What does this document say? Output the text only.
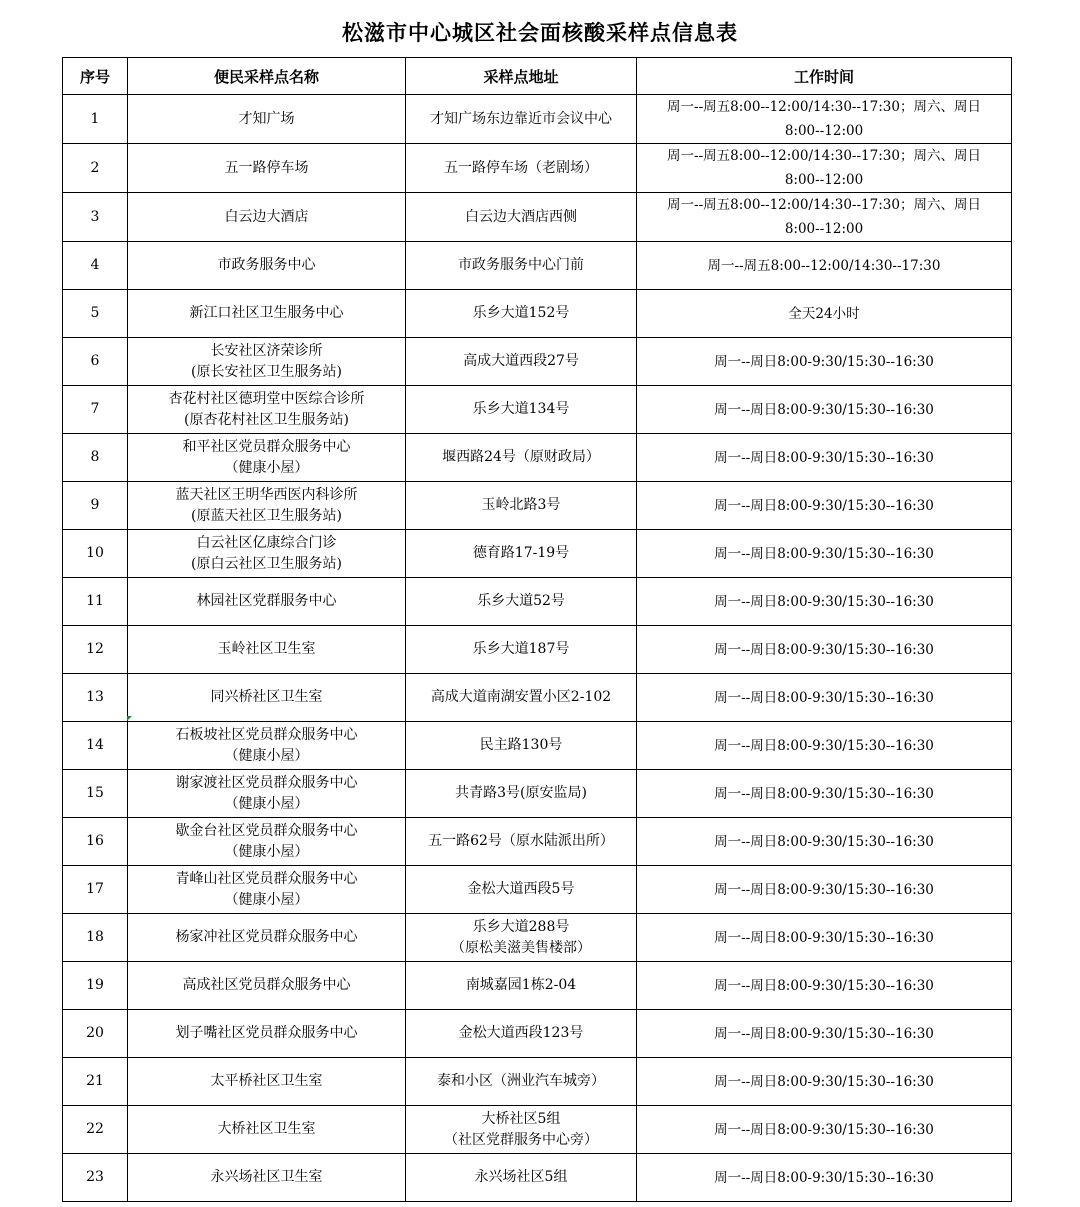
松滋市中心城区社会面核酸采样点信息表
序号	便民采样点名称	采样点地址	工作时间
1	才知广场	才知广场东边靠近市会议中心	周一--周五8:00--12:00/14:30--17:30；周六、周日
8:00--12:00

2	五一路停车场	五一路停车场（老剧场）	周一--周五8:00--12:00/14:30--17:30；周六、周日
8:00--12:00

3	白云边大酒店	白云边大酒店西侧	周一--周五8:00--12:00/14:30--17:30；周六、周日
8:00--12:00

4	市政务服务中心	市政务服务中心门前	周一--周五8:00--12:00/14:30--17:30

5	新江口社区卫生服务中心	乐乡大道152号	全天24小时

6	长安社区济荣诊所
(原长安社区卫生服务站)	高成大道西段27号	周一--周日8:00-9:30/15:30--16:30

7	杏花村社区德玥堂中医综合诊所
(原杏花村社区卫生服务站)	乐乡大道134号	周一--周日8:00-9:30/15:30--16:30

8	和平社区党员群众服务中心
（健康小屋）	堰西路24号（原财政局）	周一--周日8:00-9:30/15:30--16:30

9	蓝天社区王明华西医内科诊所
(原蓝天社区卫生服务站)	玉岭北路3号	周一--周日8:00-9:30/15:30--16:30

10	白云社区亿康综合门诊
(原白云社区卫生服务站)	德育路17-19号	周一--周日8:00-9:30/15:30--16:30

11	林园社区党群服务中心	乐乡大道52号	周一--周日8:00-9:30/15:30--16:30

12	玉岭社区卫生室	乐乡大道187号	周一--周日8:00-9:30/15:30--16:30

13	同兴桥社区卫生室	高成大道南湖安置小区2-102	周一--周日8:00-9:30/15:30--16:30

14	石板坡社区党员群众服务中心
（健康小屋）	民主路130号	周一--周日8:00-9:30/15:30--16:30

15	谢家渡社区党员群众服务中心
（健康小屋）	共青路3号(原安监局)	周一--周日8:00-9:30/15:30--16:30

16	歇金台社区党员群众服务中心
（健康小屋）	五一路62号（原水陆派出所）	周一--周日8:00-9:30/15:30--16:30

17	青峰山社区党员群众服务中心
（健康小屋）	金松大道西段5号	周一--周日8:00-9:30/15:30--16:30

18	杨家冲社区党员群众服务中心	乐乡大道288号
（原松美滋美售楼部）	周一--周日8:00-9:30/15:30--16:30

19	高成社区党员群众服务中心	南城嘉园1栋2-04	周一--周日8:00-9:30/15:30--16:30

20	划子嘴社区党员群众服务中心	金松大道西段123号	周一--周日8:00-9:30/15:30--16:30

21	太平桥社区卫生室	泰和小区（洲业汽车城旁）	周一--周日8:00-9:30/15:30--16:30

22	大桥社区卫生室	大桥社区5组
（社区党群服务中心旁）	周一--周日8:00-9:30/15:30--16:30

23	永兴场社区卫生室	永兴场社区5组	周一--周日8:00-9:30/15:30--16:30
